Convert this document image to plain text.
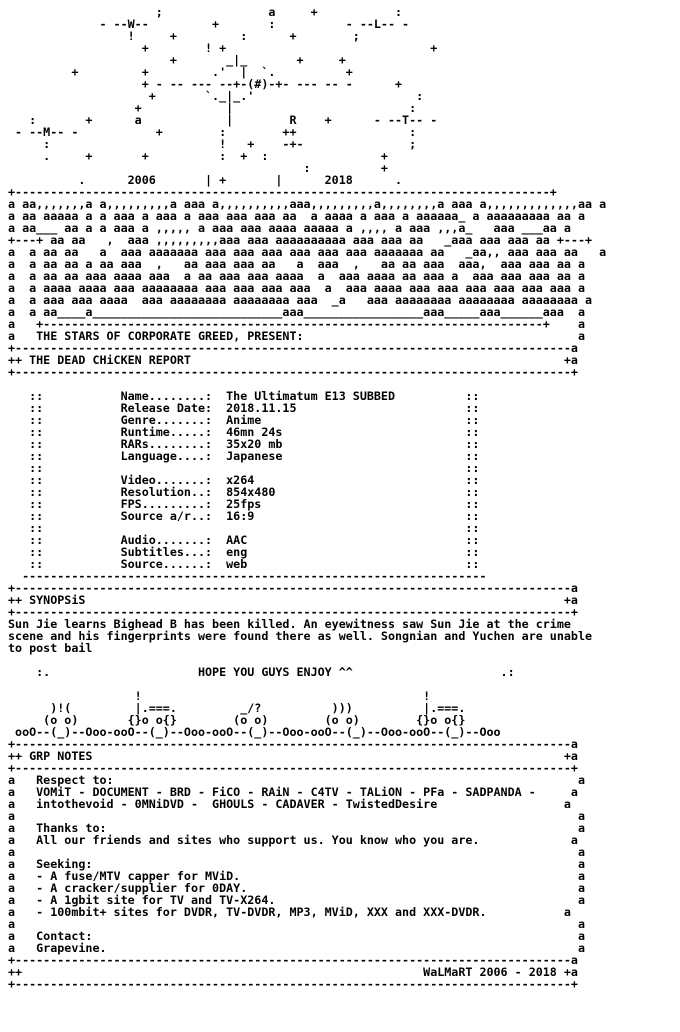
;               a     +           :
- --W--         +       :          - --L-- -
!     +         :      +        ;
+        ! +                             +
+       _|_       +     +
+         +         .'  |  `.          +
+ - -- --- --+-(#)-+- --- -- -      +
+       `._|_.'                       :
+            |                         :
:       +      a            |        R    +      - --T-- -
- --M-- -           +        :        ++                :
:                        !   +    -+-               ;
.     +       +          :  +  :                +
:          +
.      2006       | +       |      2018      .
+----------------------------------------------------------------------------+
a aa,,,,,,,a a,,,,,,,,,a aaa a,,,,,,,,,,aaa,,,,,,,,,a,,,,,,,,a aaa a,,,,,,,,,,,,,aa a
a aa aaaaa a a aaa a aaa a aaa aaa aaa aa  a aaaa a aaa a aaaaaa_ a aaaaaaaaa aa a
a aa___ aa a a aaa a ,,,,, a aaa aaa aaaa aaaaa a ,,,, a aaa ,,,a_   aaa ___aa a
+---+ aa aa   ,  aaa ,,,,,,,,,aaa aaa aaaaaaaaaa aaa aaa aa   _aaa aaa aaa aa +---+
a  a aa aa   a  aaa aaaaaaa aaa aaa aaa aaa aaa aaa aaaaaaa aa   _aa,, aaa aaa aa   a
a  a aa aa a aa aaa  ,   aa aaa aaa aa   a  aaa  ,   aa aa aaa  aaa,  aaa aaa aa a
a  a aa aa aaa aaaa aaa  a aa aaa aaa aaaa  a  aaa aaaa aa aaa a  aaa aaa aaa aa a
a  a aaaa aaaa aaa aaaaaaaa aaa aaa aaa aaa  a  aaa aaaa aaa aaa aaa aaa aaa aaa a
a  a aaa aaa aaaa  aaa aaaaaaaa aaaaaaaa aaa  _a   aaa aaaaaaaa aaaaaaaa aaaaaaaa a
a  a aa____a___________________________aaa_________________aaa_____aaa______aaa  a
a   +-----------------------------------------------------------------------+    a
a   THE STARS OF CORPORATE GREED, PRESENT:                                       a
+-------------------------------------------------------------------------------a
++ THE DEAD CHiCKEN REPORT                                                     +a
+-------------------------------------------------------------------------------+

::           Name........:  The Ultimatum E13 SUBBED          ::
::           Release Date:  2018.11.15                        ::
::           Genre.......:  Anime                             ::
::           Runtime.....:  46mn 24s                          ::
::           RARs........:  35x20 mb                          ::
::           Language....:  Japanese                          ::
::                                                            ::
::           Video.......:  x264                              ::
::           Resolution..:  854x480                           ::
::           FPS.........:  25fps                             ::
::           Source a/r..:  16:9                              ::
::                                                            ::
::           Audio.......:  AAC                               ::
::           Subtitles...:  eng                               ::
::           Source......:  web                               ::
------------------------------------------------------------------
+-------------------------------------------------------------------------------a
++ SYNOPSiS                                                                    +a
+-------------------------------------------------------------------------------+
Sun Jie learns Bighead B has been killed. An eyewitness saw Sun Jie at the crime
scene and his fingerprints were found there as well. Songnian and Yuchen are unable
to post bail

:.                     HOPE YOU GUYS ENJOY ^^                     .:

!                                        !
)!(         |.===.         _/?          )))          |.===.
(o o)       {}o o{}        (o o)        (o o)        {}o o{}
ooO--(_)--Ooo-ooO--(_)--Ooo-ooO--(_)--Ooo-ooO--(_)--Ooo-ooO--(_)--Ooo
+-------------------------------------------------------------------------------a
++ GRP NOTES                                                                   +a
+-------------------------------------------------------------------------------+
a   Respect to:                                                                  a
a   VOMiT - DOCUMENT - BRD - FiCO - RAiN - C4TV - TALiON - PFa - SADPANDA -     a
a   intothevoid - 0MNiDVD -  GHOULS - CADAVER - TwistedDesire                  a
a                                                                                a
a   Thanks to:                                                                   a
a   All our friends and sites who support us. You know who you are.             a
a                                                                                a
a   Seeking:                                                                     a
a   - A fuse/MTV capper for MViD.                                                a
a   - A cracker/supplier for 0DAY.                                               a
a   - A 1gbit site for TV and TV-X264.                                           a
a   - 100mbit+ sites for DVDR, TV-DVDR, MP3, MViD, XXX and XXX-DVDR.           a
a                                                                                a
a   Contact:                                                                     a
a   Grapevine.                                                                   a
+-------------------------------------------------------------------------------a
++                                                         WaLMaRT 2006 - 2018 +a
+-------------------------------------------------------------------------------+
